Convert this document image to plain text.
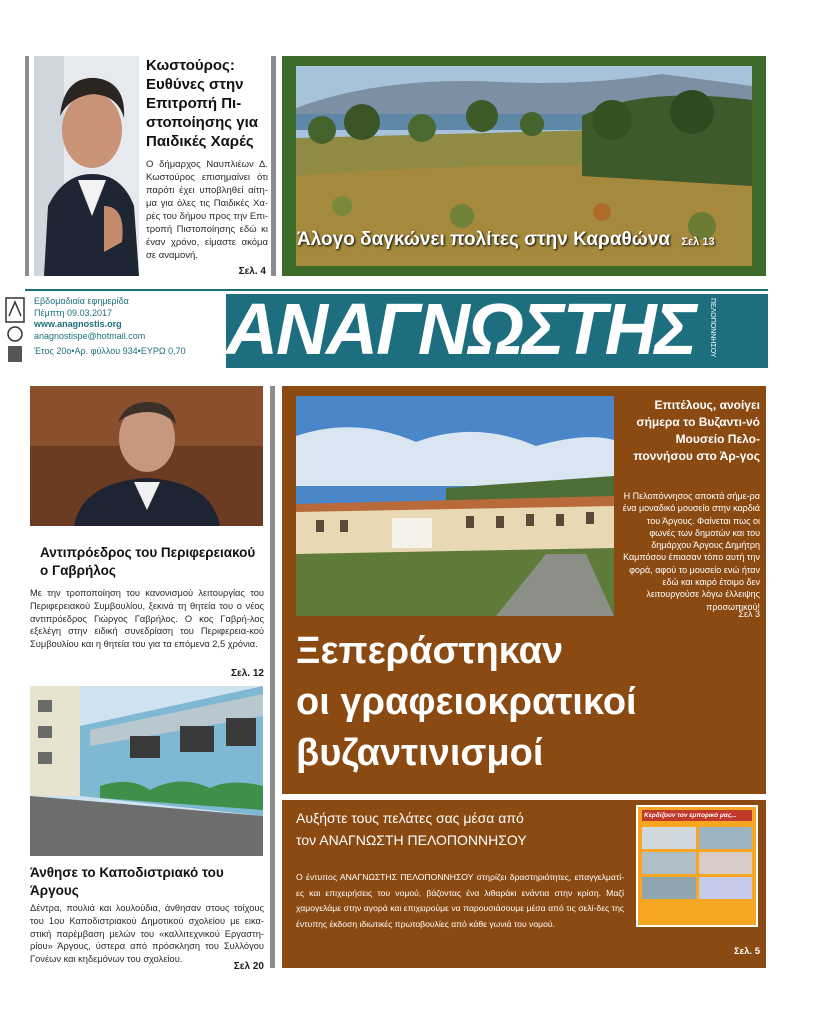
Κωστούρος: Ευθύνες στην Επιτροπή Πι-στοποίησης για Παιδικές Χαρές
Ο δήμαρχος Ναυπλιέων Δ. Κωστούρος επισημαίνει ότι παρότι έχει υποβληθεί αίτη-μα για όλες τις Παιδικές Χα-ρές του δήμου προς την Επι-τροπή Πιστοποίησης εδώ κι έναν χρόνο, είμαστε ακόμα σε αναμονή.
Σελ. 4
Άλογο δαγκώνει πολίτες στην Καραθώνα Σελ 13
Εβδομαδιαία εφημερίδα
Πέμπτη 09.03.2017
www.anagnostis.org
anagnostispe@hotmail.com
Έτος 20ο•Αρ. φύλλου 934•ΕΥΡΩ 0,70 ΑΝΑΓΝΩΣΤΗΣ	ΠΕΛΟΠΟΝΝΗΣΟΥ
Αντιπρόεδρος του Περιφερειακού ο Γαβρήλος
Με την τροποποίηση του κανονισμού λειτουργίας του Περιφερειακού Συμβουλίου, ξεκινά τη θητεία του ο νέος αντιπρόεδρος Γιώργος Γαβρήλος. Ο κος Γαβρή-λος εξελέγη στην ειδική συνεδρίαση του Περιφερεια-κού Συμβουλίου και η θητεία του για τα επόμενα 2,5 χρόνια.
Σελ. 12
Άνθησε το Καποδιστριακό του Άργους
Δέντρα, πουλιά και λουλούδια, άνθησαν στους τοίχους του 1ου Καποδιστριακού Δημοτικού σχολείου με εικα-στική παρέμβαση μελών του «καλλιτεχνικού Εργαστη-ρίου» Άργους, ύστερα από πρόσκληση του Συλλόγου Γονέων και κηδεμόνων του σχολείου.
Σελ 20
Επιτέλους, ανοίγει σήμερα το Βυζαντι-νό Μουσείο Πελο-ποννήσου στο Άρ-γος
Η Πελοπόννησος αποκτά σήμε-ρα ένα μοναδικό μουσείο στην καρδιά του Άργους. Φαίνεται πως οι φωνές των δημοτών και του δημάρχου Άργους Δημήτρη Καμπόσου έπιασαν τόπο αυτή την φορά, αφού το μουσείο ενώ ήταν εδώ και καιρό έτοιμο δεν λειτουργούσε λόγω έλλειψης προσωπικού!
Σελ 3
Ξεπεράστηκαν
οι γραφειοκρατικοί
βυζαντινισμοί
Αυξήστε τους πελάτες σας μέσα από
τον ΑΝΑΓΝΩΣΤΗ ΠΕΛΟΠΟΝΝΗΣΟΥ
Ο έντυπος ΑΝΑΓΝΩΣΤΗΣ ΠΕΛΟΠΟΝΝΗΣΟΥ στηρίζει δραστηριότητες, επαγγελματί-ες και επιχειρήσεις του νομού, βάζοντας ένα λιθαράκι ενάντια στην κρίση. Μαζί χαμογελάμε στην αγορά και επιχειρούμε να παρουσιάσουμε μέσα από τις σελί-δες της έντυπης έκδοση ιδιωτικές πρωτοβουλίες από κάθε γωνιά του νομού.
Κερδίζουν τον εμπορικό μας...
Σελ. 5
